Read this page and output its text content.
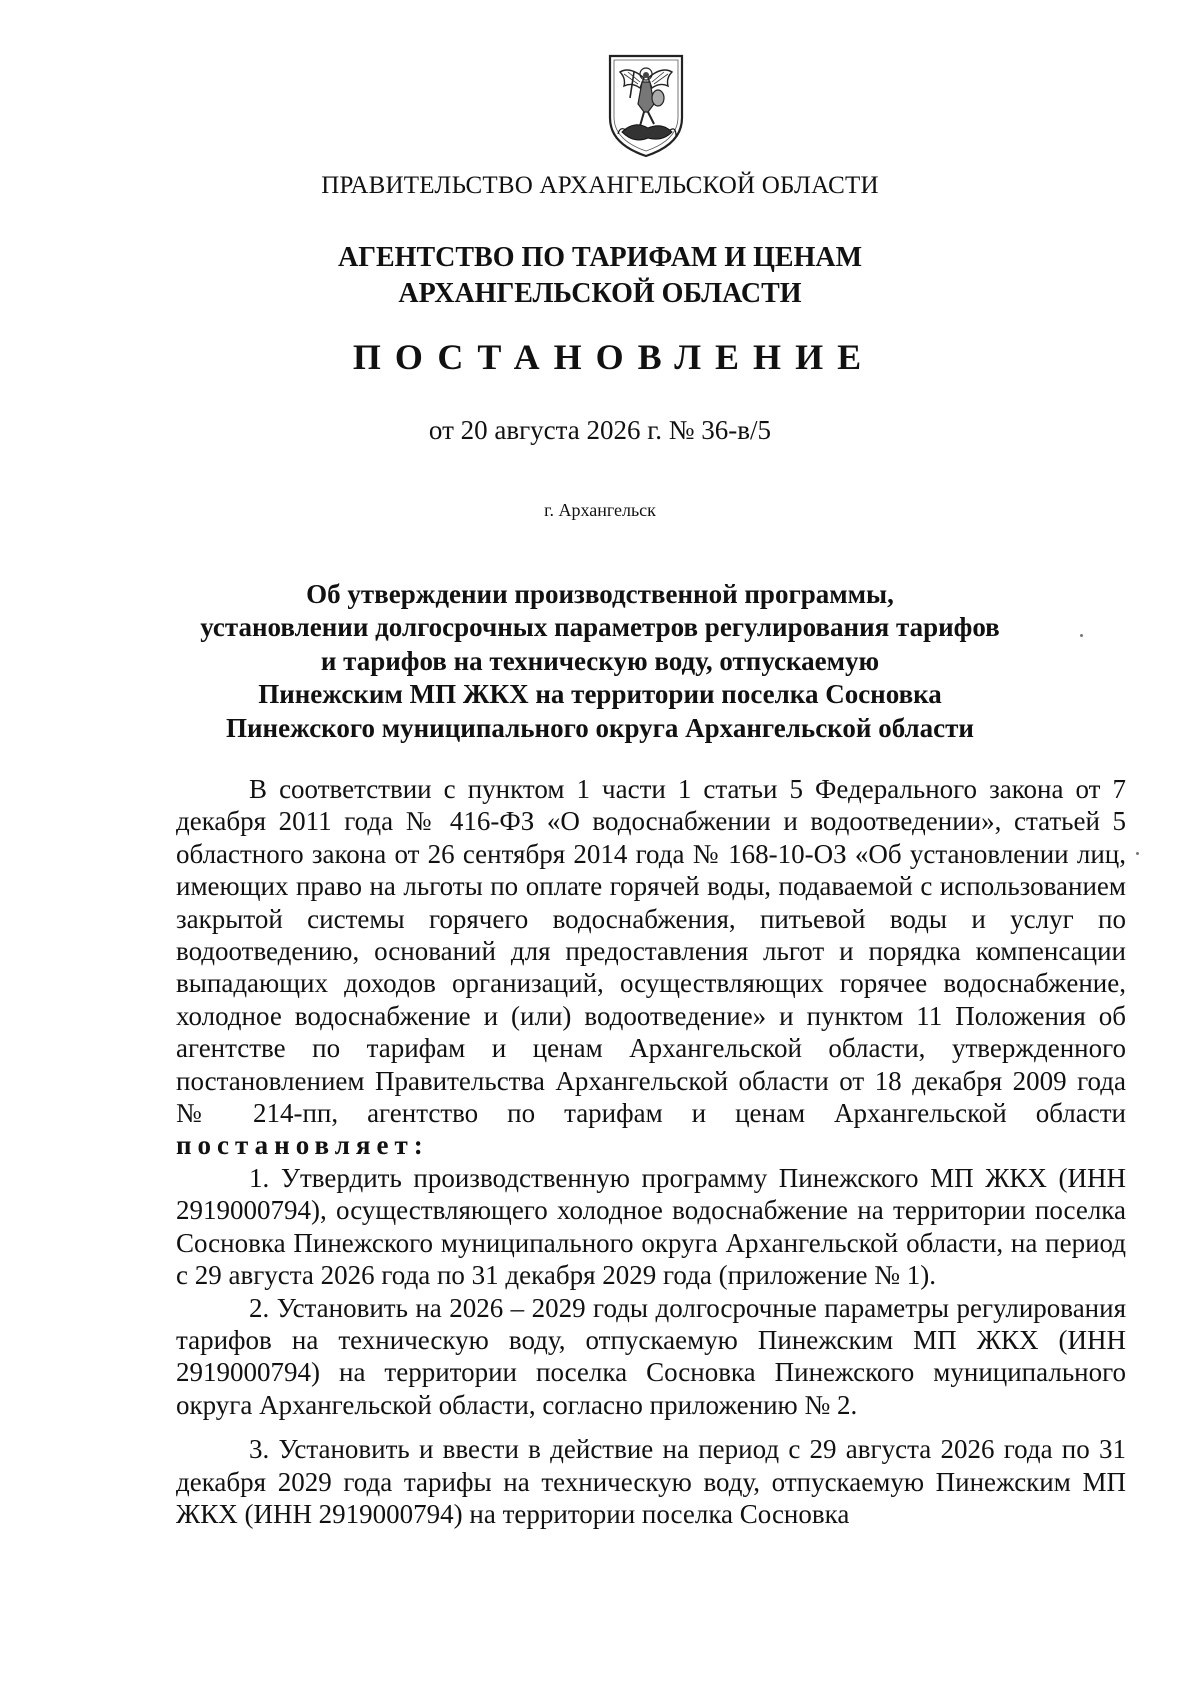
ПРАВИТЕЛЬСТВО АРХАНГЕЛЬСКОЙ ОБЛАСТИ
АГЕНТСТВО ПО ТАРИФАМ И ЦЕНАМ
АРХАНГЕЛЬСКОЙ ОБЛАСТИ
ПОСТАНОВЛЕНИЕ
от 20 августа 2026 г. № 36-в/5
г. Архангельск
Об утверждении производственной программы,
установлении долгосрочных параметров регулирования тарифов
и тарифов на техническую воду, отпускаемую
Пинежским МП ЖКХ на территории поселка Сосновка
Пинежского муниципального округа Архангельской области

В соответствии с пунктом 1 части 1 статьи 5 Федерального закона от 7 декабря 2011 года № 416-ФЗ «О водоснабжении и водоотведении», статьей 5 областного закона от 26 сентября 2014 года № 168-10-ОЗ «Об установлении лиц, имеющих право на льготы по оплате горячей воды, подаваемой с использованием закрытой системы горячего водоснабжения, питьевой воды и услуг по водоотведению, оснований для предоставления льгот и порядка компенсации выпадающих доходов организаций, осуществляющих горячее водоснабжение, холодное водоснабжение и (или) водоотведение» и пунктом 11 Положения об агентстве по тарифам и ценам Архангельской области, утвержденного постановлением Правительства Архангельской области от 18 декабря 2009 года № 214-пп, агентство по тарифам и ценам Архангельской области постановляет:

1. Утвердить производственную программу Пинежского МП ЖКХ (ИНН 2919000794), осуществляющего холодное водоснабжение на территории поселка Сосновка Пинежского муниципального округа Архангельской области, на период с 29 августа 2026 года по 31 декабря 2029 года (приложение № 1).

2. Установить на 2026 – 2029 годы долгосрочные параметры регулирования тарифов на техническую воду, отпускаемую Пинежским МП ЖКХ (ИНН 2919000794) на территории поселка Сосновка Пинежского муниципального округа Архангельской области, согласно приложению № 2.

3. Установить и ввести в действие на период с 29 августа 2026 года по 31 декабря 2029 года тарифы на техническую воду, отпускаемую Пинежским МП ЖКХ (ИНН 2919000794) на территории поселка Сосновка
